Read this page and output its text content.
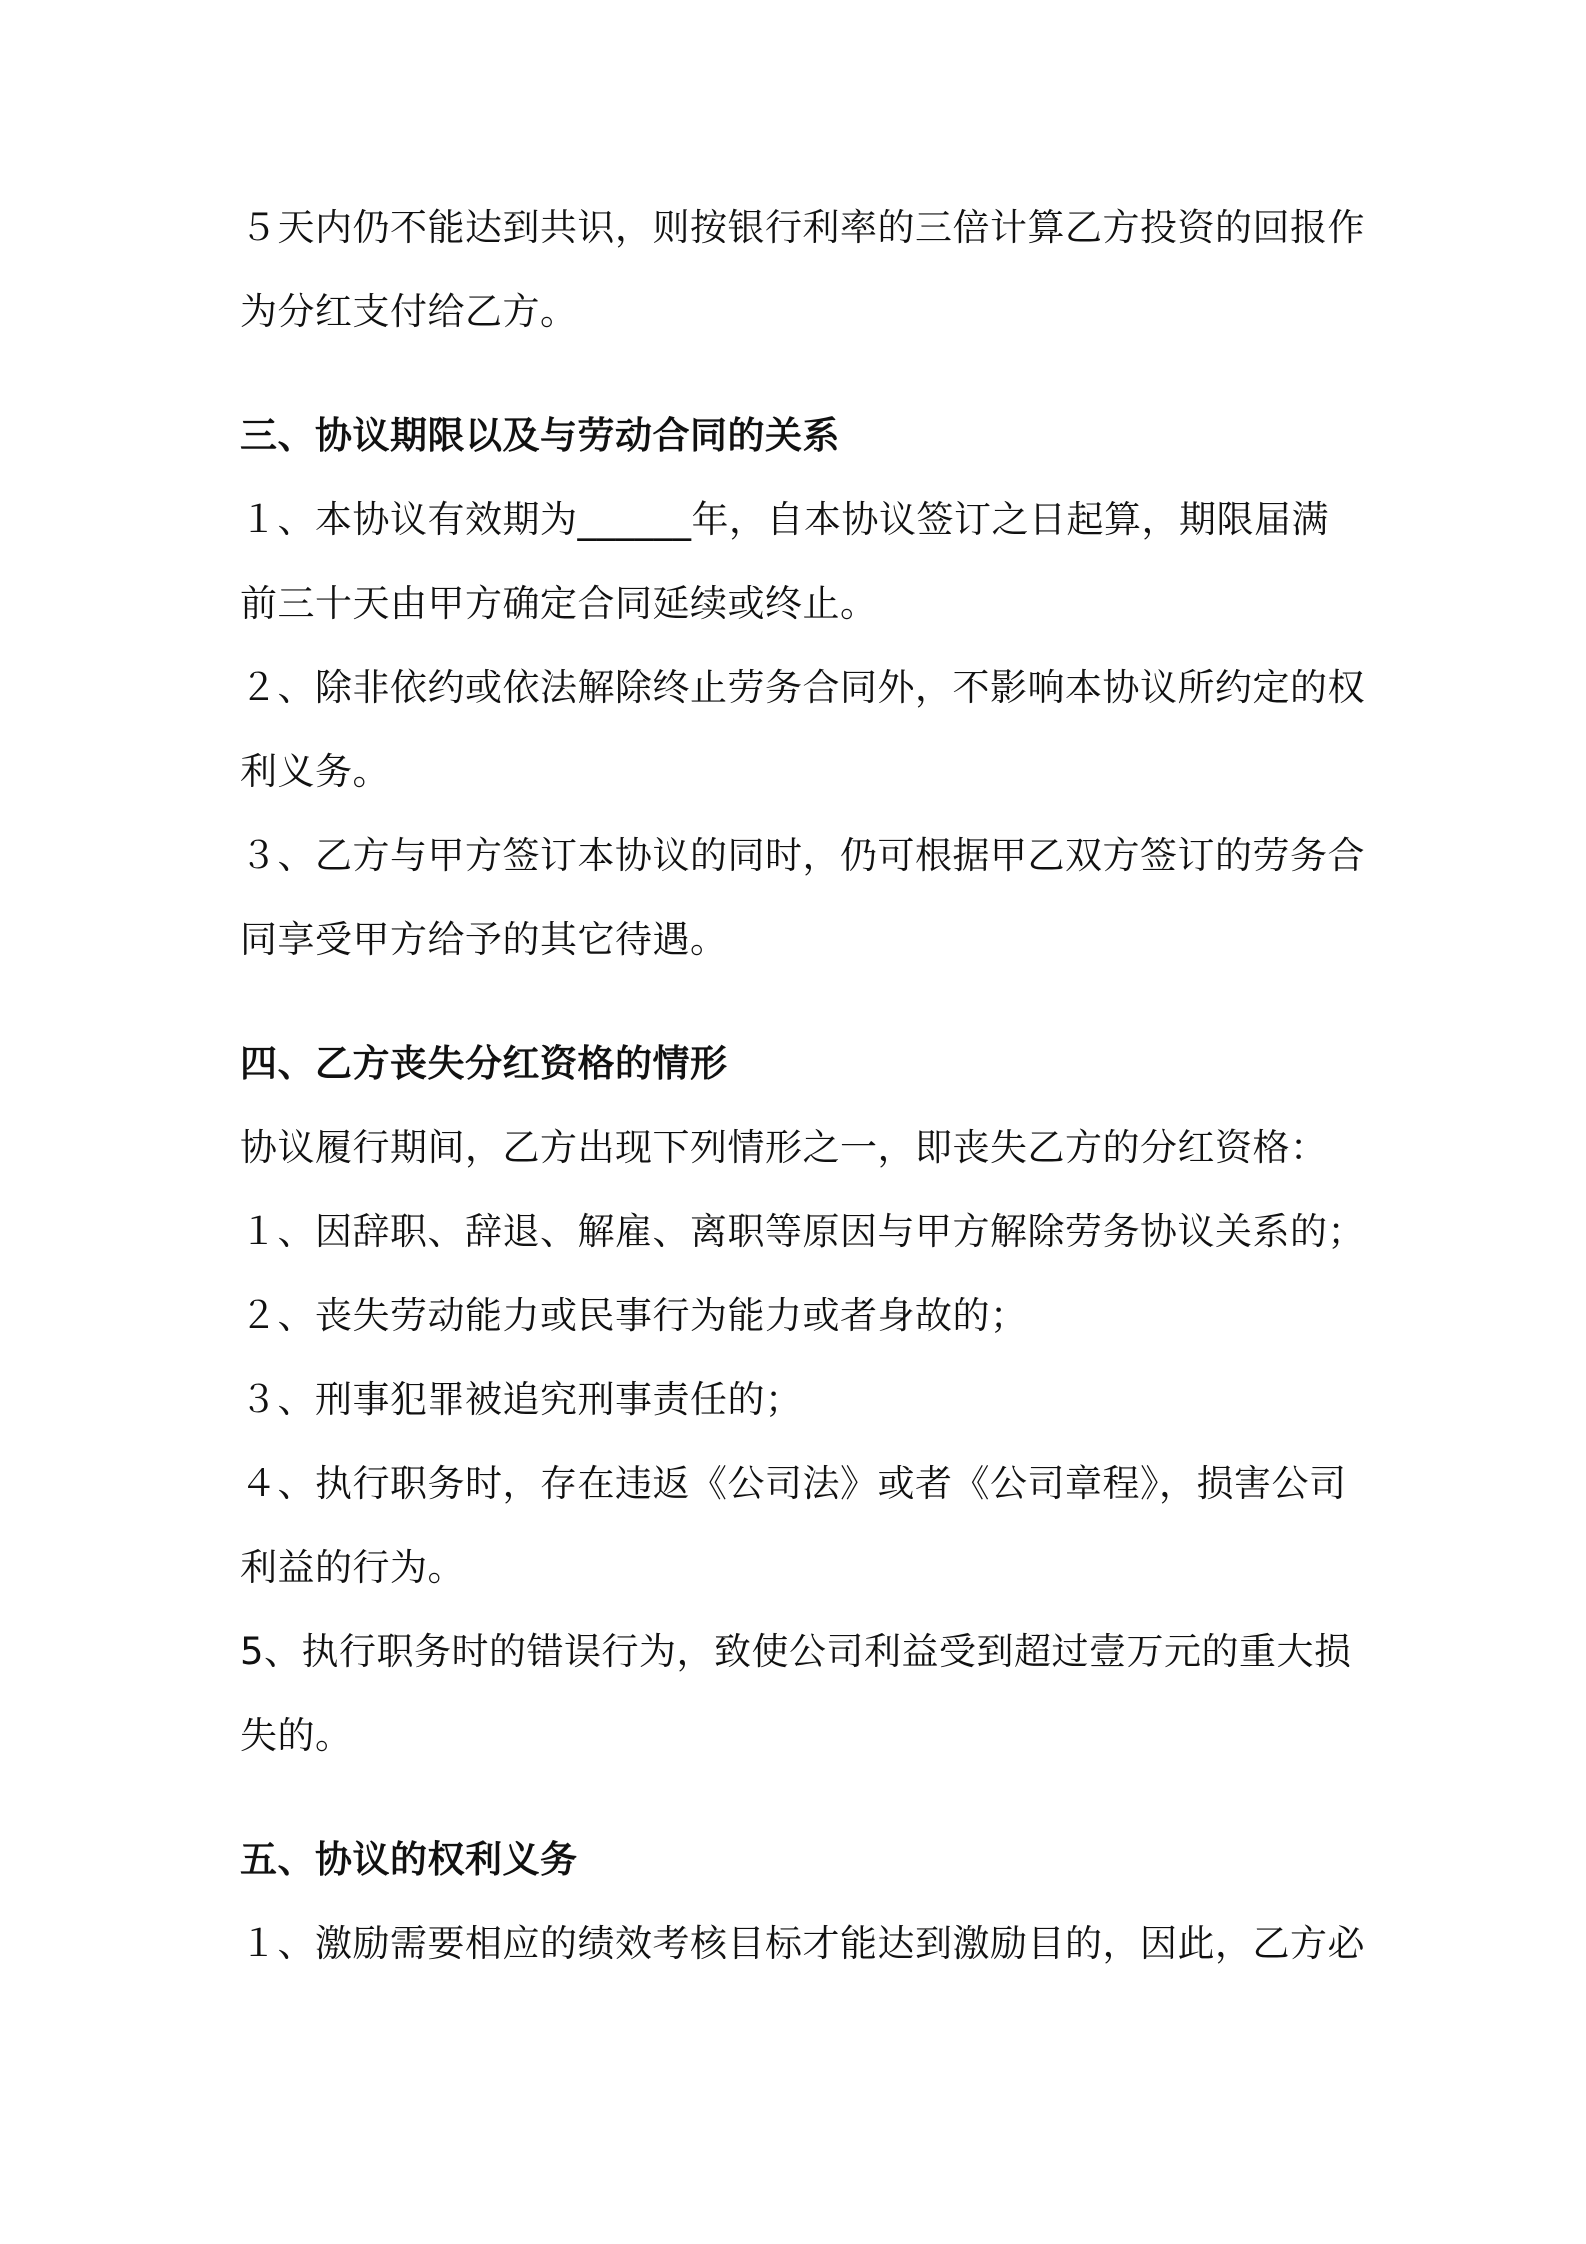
５天内仍不能达到共识，则按银行利率的三倍计算乙方投资的回报作
为分红支付给乙方。
三、协议期限以及与劳动合同的关系
１、本协议有效期为______年，自本协议签订之日起算，期限届满
前三十天由甲方确定合同延续或终止。
２、除非依约或依法解除终止劳务合同外，不影响本协议所约定的权
利义务。
３、乙方与甲方签订本协议的同时，仍可根据甲乙双方签订的劳务合
同享受甲方给予的其它待遇。
四、乙方丧失分红资格的情形
协议履行期间，乙方出现下列情形之一，即丧失乙方的分红资格：
１、因辞职、辞退、解雇、离职等原因与甲方解除劳务协议关系的；
２、丧失劳动能力或民事行为能力或者身故的；
３、刑事犯罪被追究刑事责任的；
４、执行职务时，存在违返《公司法》或者《公司章程》，损害公司
利益的行为。
5、执行职务时的错误行为，致使公司利益受到超过壹万元的重大损
失的。
五、协议的权利义务
１、激励需要相应的绩效考核目标才能达到激励目的，因此，乙方必
